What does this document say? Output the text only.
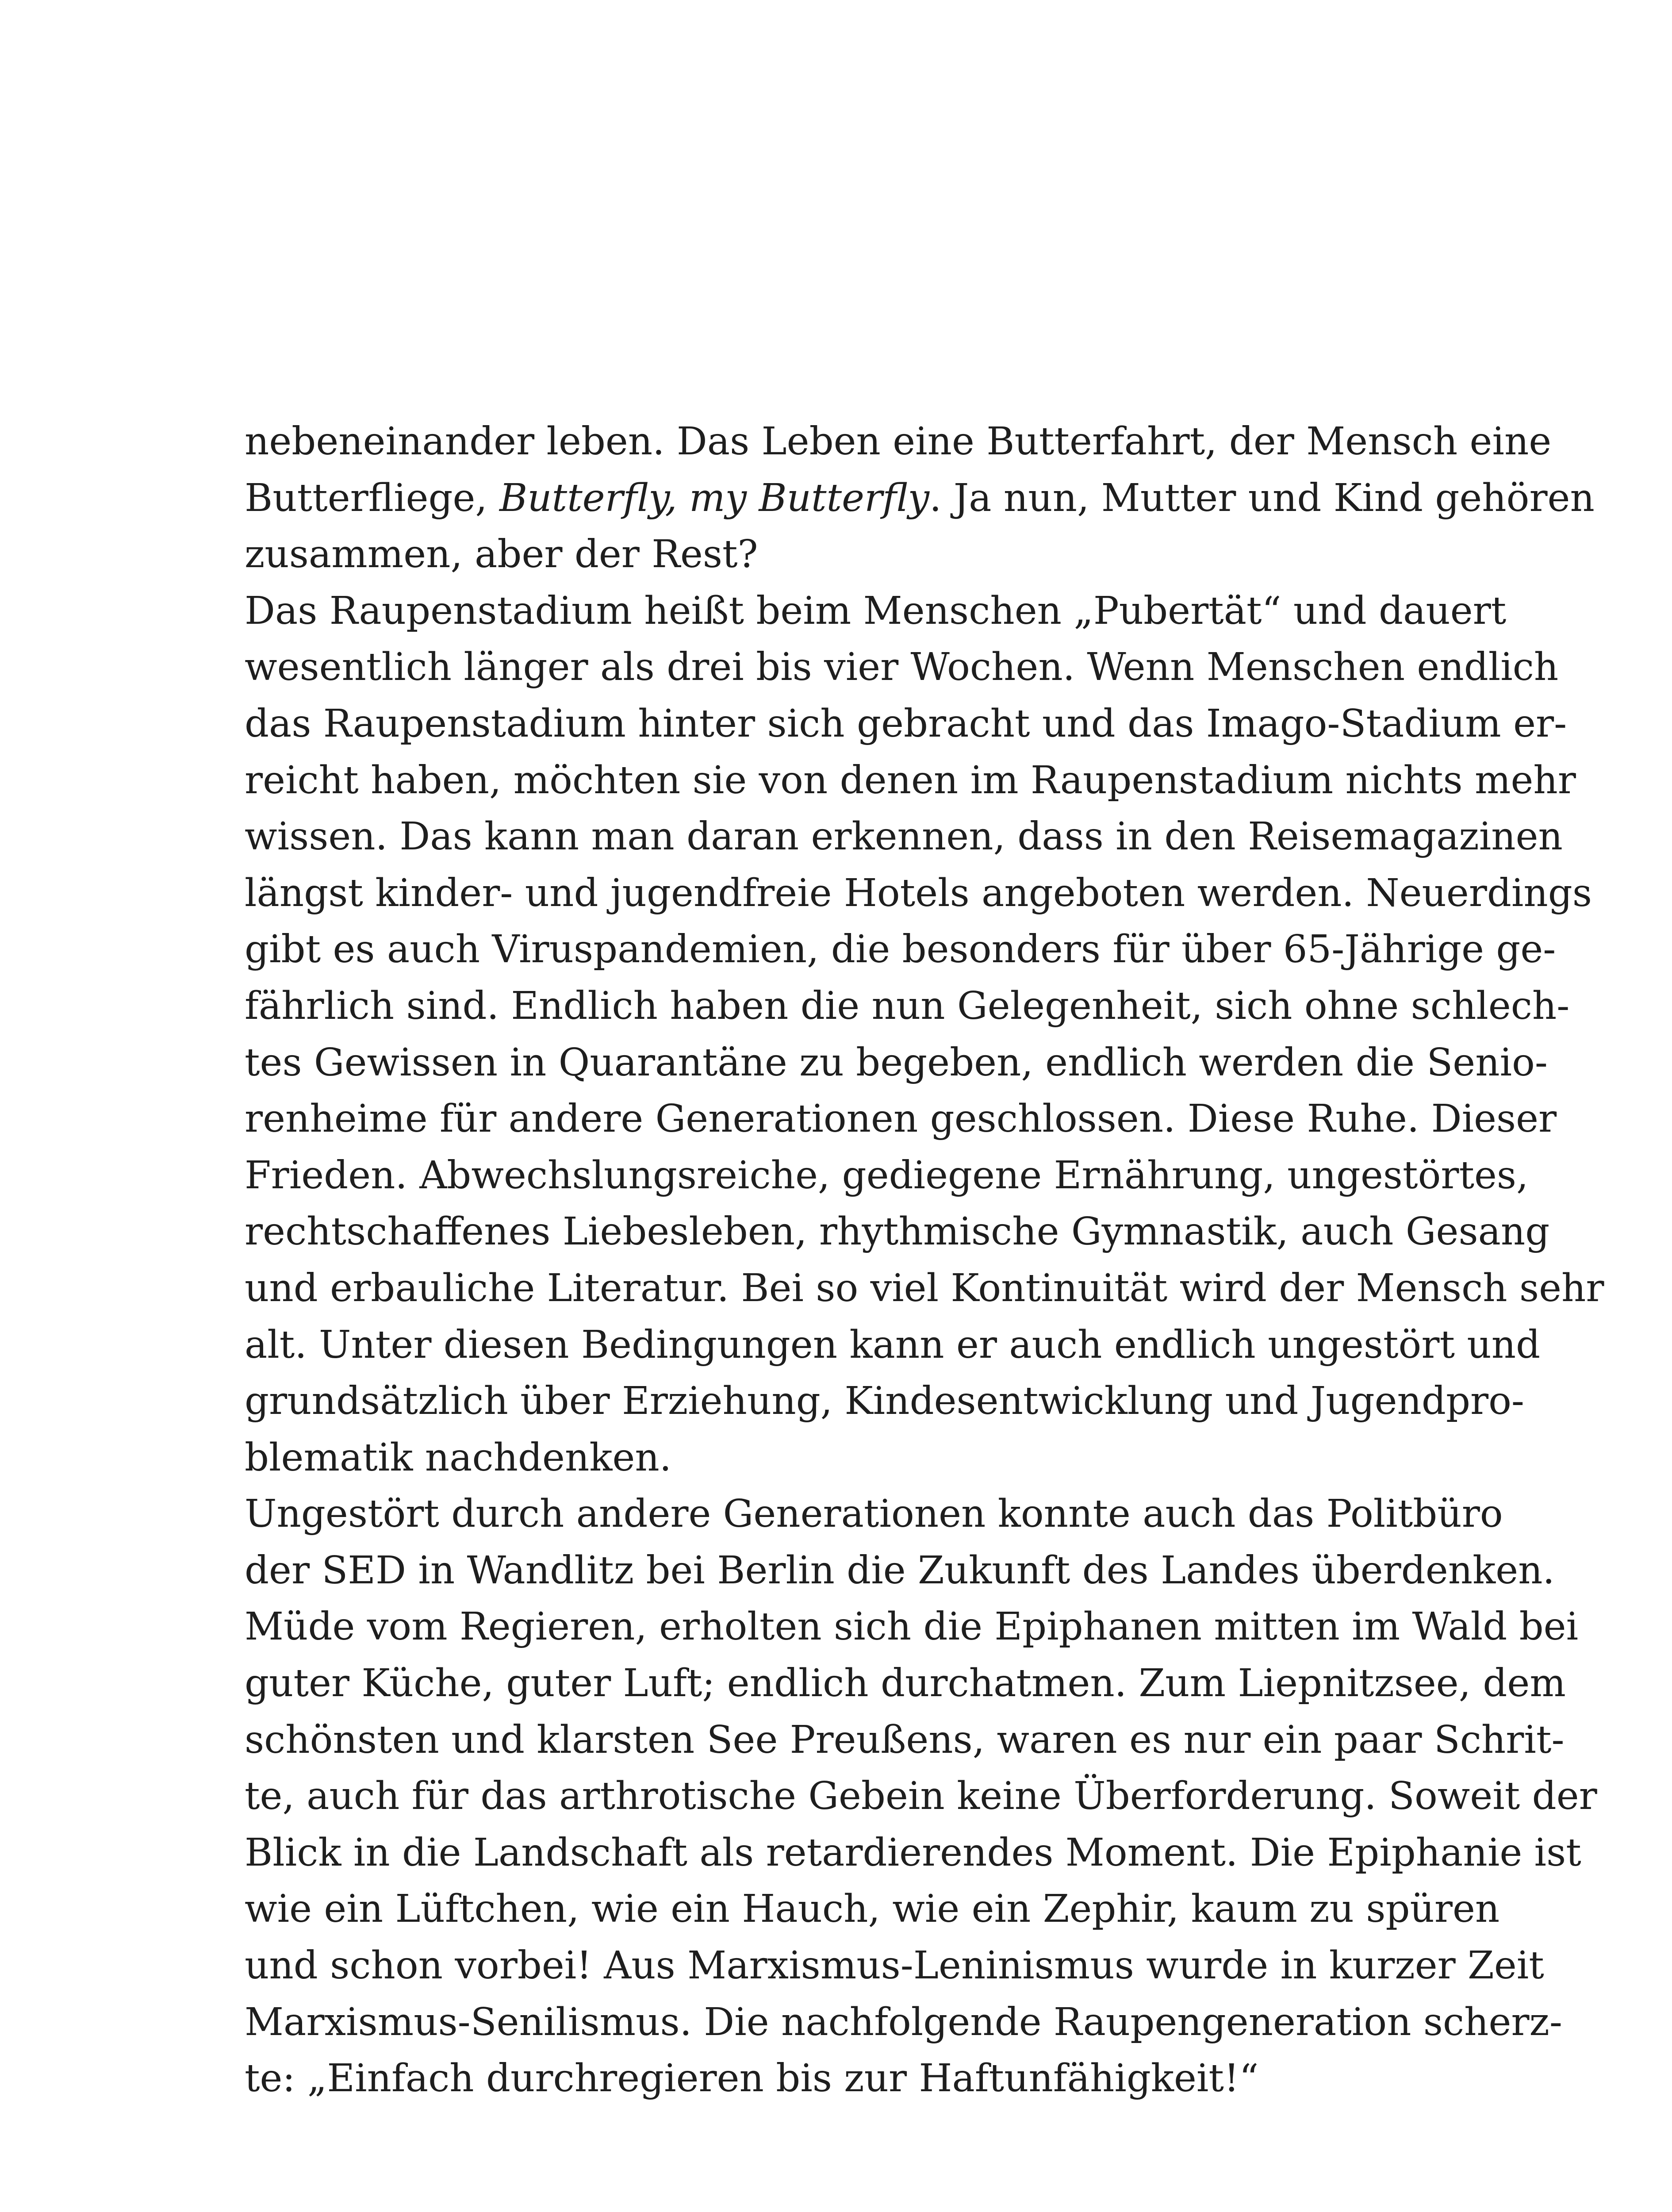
nebeneinander leben. Das Leben eine Butterfahrt, der Mensch eine
Butterfliege, Butterfly, my Butterfly. Ja nun, Mutter und Kind gehören
zusammen, aber der Rest?
Das Raupenstadium heißt beim Menschen „Pubertät“ und dauert
wesentlich länger als drei bis vier Wochen. Wenn Menschen endlich
das Raupenstadium hinter sich gebracht und das Imago-Stadium er-
reicht haben, möchten sie von denen im Raupenstadium nichts mehr
wissen. Das kann man daran erkennen, dass in den Reisemagazinen
längst kinder- und jugendfreie Hotels angeboten werden. Neuerdings
gibt es auch Viruspandemien, die besonders für über 65-Jährige ge-
fährlich sind. Endlich haben die nun Gelegenheit, sich ohne schlech-
tes Gewissen in Quarantäne zu begeben, endlich werden die Senio-
renheime für andere Generationen geschlossen. Diese Ruhe. Dieser
Frieden. Abwechslungsreiche, gediegene Ernährung, ungestörtes,
rechtschaffenes Liebesleben, rhythmische Gymnastik, auch Gesang
und erbauliche Literatur. Bei so viel Kontinuität wird der Mensch sehr
alt. Unter diesen Bedingungen kann er auch endlich ungestört und
grundsätzlich über Erziehung, Kindesentwicklung und Jugendpro-
blematik nachdenken.
Ungestört durch andere Generationen konnte auch das Politbüro
der SED in Wandlitz bei Berlin die Zukunft des Landes überdenken.
Müde vom Regieren, erholten sich die Epiphanen mitten im Wald bei
guter Küche, guter Luft; endlich durchatmen. Zum Liepnitzsee, dem
schönsten und klarsten See Preußens, waren es nur ein paar Schrit-
te, auch für das arthrotische Gebein keine Überforderung. Soweit der
Blick in die Landschaft als retardierendes Moment. Die Epiphanie ist
wie ein Lüftchen, wie ein Hauch, wie ein Zephir, kaum zu spüren
und schon vorbei! Aus Marxismus-Leninismus wurde in kurzer Zeit
Marxismus-Senilismus. Die nachfolgende Raupengeneration scherz-
te: „Einfach durchregieren bis zur Haftunfähigkeit!“
